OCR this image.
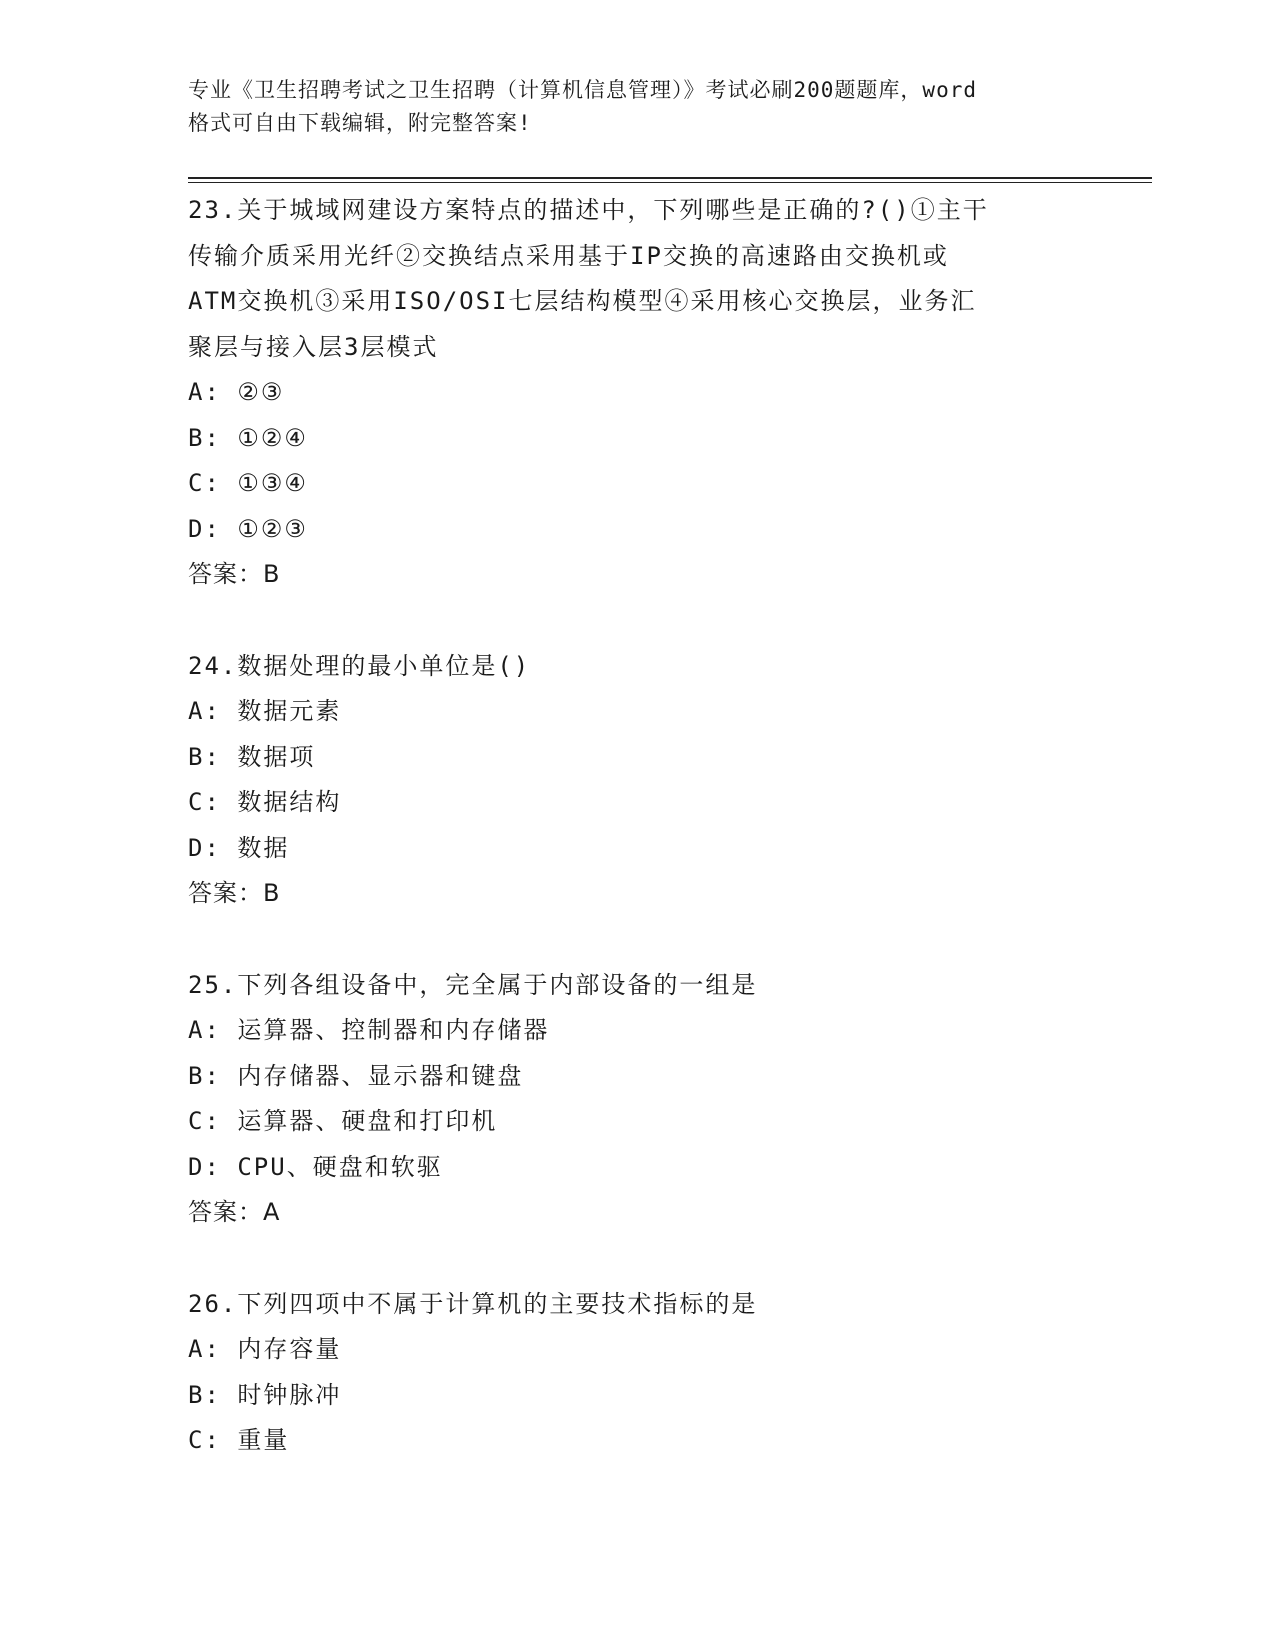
专业《卫生招聘考试之卫生招聘（计算机信息管理）》考试必刷200题题库，word
格式可自由下载编辑，附完整答案!
23.关于城域网建设方案特点的描述中，下列哪些是正确的?()①主干
传输介质采用光纤②交换结点采用基于IP交换的高速路由交换机或
ATM交换机③采用ISO/OSI七层结构模型④采用核心交换层，业务汇
聚层与接入层3层模式
A: ②③
B: ①②④
C: ①③④
D: ①②③
答案：B
24.数据处理的最小单位是()
A: 数据元素
B: 数据项
C: 数据结构
D: 数据
答案：B
25.下列各组设备中，完全属于内部设备的一组是
A: 运算器、控制器和内存储器
B: 内存储器、显示器和键盘
C: 运算器、硬盘和打印机
D: CPU、硬盘和软驱
答案：A
26.下列四项中不属于计算机的主要技术指标的是
A: 内存容量
B: 时钟脉冲
C: 重量
